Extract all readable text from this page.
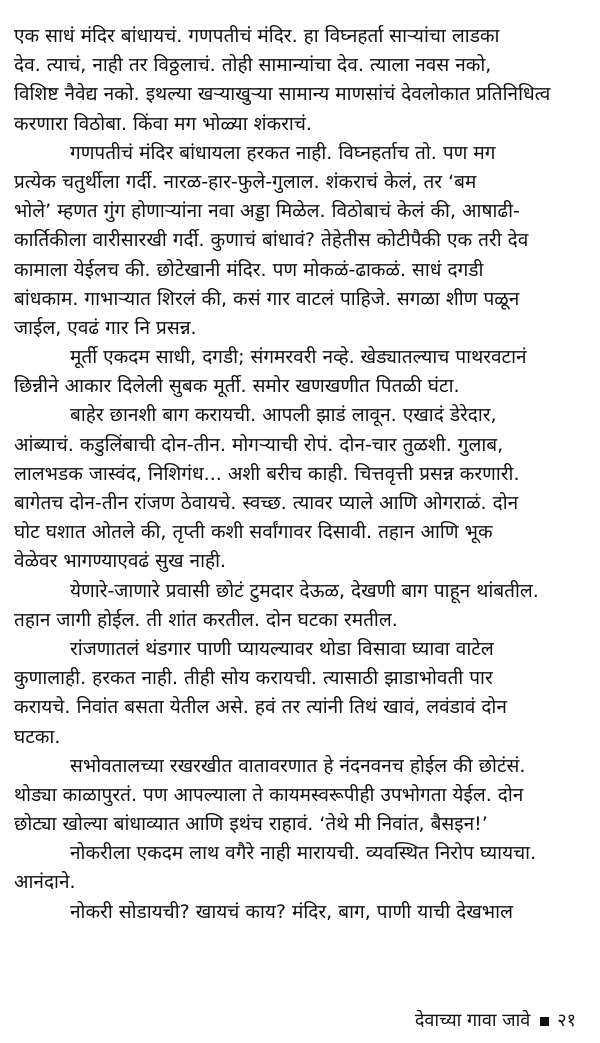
एक साधं मंदिर बांधायचं. गणपतीचं मंदिर. हा विघ्नहर्ता साऱ्यांचा लाडका
देव. त्याचं, नाही तर विठ्ठलाचं. तोही सामान्यांचा देव. त्याला नवस नको,
विशिष्ट नैवेद्य नको. इथल्या खऱ्याखुऱ्या सामान्य माणसांचं देवलोकात प्रतिनिधित्व
करणारा विठोबा. किंवा मग भोळ्या शंकराचं.
गणपतीचं मंदिर बांधायला हरकत नाही. विघ्नहर्ताच तो. पण मग
प्रत्येक चतुर्थीला गर्दी. नारळ-हार-फुले-गुलाल. शंकराचं केलं, तर ‘बम
भोले’ म्हणत गुंग होणाऱ्यांना नवा अड्डा मिळेल. विठोबाचं केलं की, आषाढी-
कार्तिकीला वारीसारखी गर्दी. कुणाचं बांधावं? तेहेतीस कोटीपैकी एक तरी देव
कामाला येईलच की. छोटेखानी मंदिर. पण मोकळं-ढाकळं. साधं दगडी
बांधकाम. गाभाऱ्यात शिरलं की, कसं गार वाटलं पाहिजे. सगळा शीण पळून
जाईल, एवढं गार नि प्रसन्न.
मूर्ती एकदम साधी, दगडी; संगमरवरी नव्हे. खेड्यातल्याच पाथरवटानं
छिन्नीने आकार दिलेली सुबक मूर्ती. समोर खणखणीत पितळी घंटा.
बाहेर छानशी बाग करायची. आपली झाडं लावून. एखादं डेरेदार,
आंब्याचं. कडुलिंबाची दोन-तीन. मोगऱ्याची रोपं. दोन-चार तुळशी. गुलाब,
लालभडक जास्वंद, निशिगंध... अशी बरीच काही. चित्तवृत्ती प्रसन्न करणारी.
बागेतच दोन-तीन रांजण ठेवायचे. स्वच्छ. त्यावर प्याले आणि ओगराळं. दोन
घोट घशात ओतले की, तृप्ती कशी सर्वांगावर दिसावी. तहान आणि भूक
वेळेवर भागण्याएवढं सुख नाही.
येणारे-जाणारे प्रवासी छोटं टुमदार देऊळ, देखणी बाग पाहून थांबतील.
तहान जागी होईल. ती शांत करतील. दोन घटका रमतील.
रांजणातलं थंडगार पाणी प्यायल्यावर थोडा विसावा घ्यावा वाटेल
कुणालाही. हरकत नाही. तीही सोय करायची. त्यासाठी झाडाभोवती पार
करायचे. निवांत बसता येतील असे. हवं तर त्यांनी तिथं खावं, लवंडावं दोन
घटका.
सभोवतालच्या रखरखीत वातावरणात हे नंदनवनच होईल की छोटंसं.
थोड्या काळापुरतं. पण आपल्याला ते कायमस्वरूपीही उपभोगता येईल. दोन
छोट्या खोल्या बांधाव्यात आणि इथंच राहावं. ‘तेथे मी निवांत, बैसइन!’
नोकरीला एकदम लाथ वगैरे नाही मारायची. व्यवस्थित निरोप घ्यायचा.
आनंदाने.
नोकरी सोडायची? खायचं काय? मंदिर, बाग, पाणी याची देखभाल
देवाच्या गावा जावे २१
